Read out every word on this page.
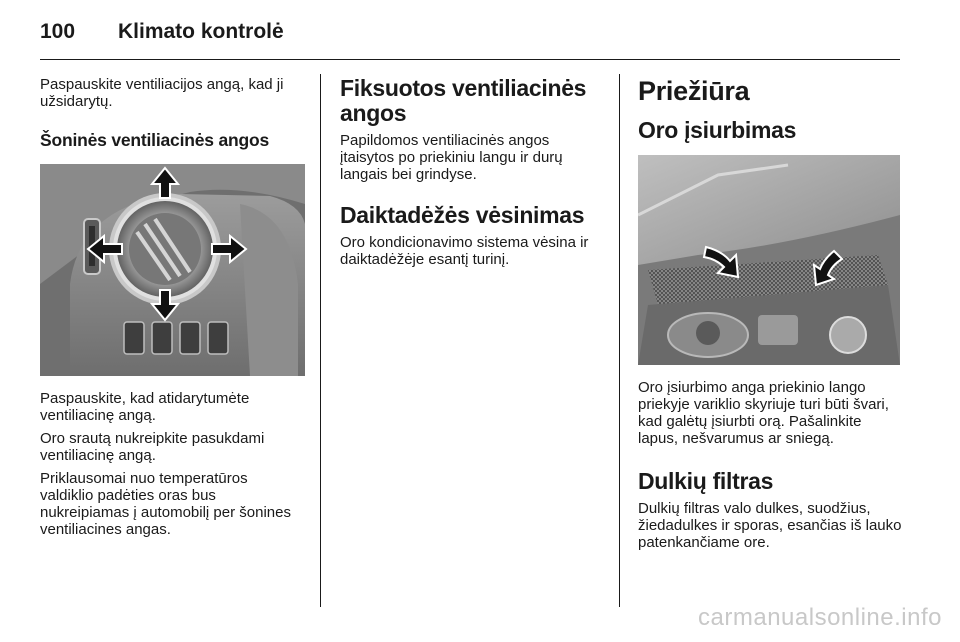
100 Klimato kontrolė

Paspauskite ventiliacijos angą, kad ji užsidarytų.

Šoninės ventiliacinės angos

Paspauskite, kad atidarytumėte ventiliacinę angą.

Oro srautą nukreipkite pasukdami ventiliacinę angą.

Priklausomai nuo temperatūros valdiklio padėties oras bus nukreipiamas į automobilį per šonines ventiliacines angas.

Fiksuotos ventiliacinės angos

Papildomos ventiliacinės angos įtaisytos po priekiniu langu ir durų langais bei grindyse.

Daiktadėžės vėsinimas

Oro kondicionavimo sistema vėsina ir daiktadėžėje esantį turinį.

Priežiūra
Oro įsiurbimas

Oro įsiurbimo anga priekinio lango priekyje variklio skyriuje turi būti švari, kad galėtų įsiurbti orą. Pašalinkite lapus, nešvarumus ar sniegą.

Dulkių filtras

Dulkių filtras valo dulkes, suodžius, žiedadulkes ir sporas, esančias iš lauko patenkančiame ore.

carmanualsonline.info
